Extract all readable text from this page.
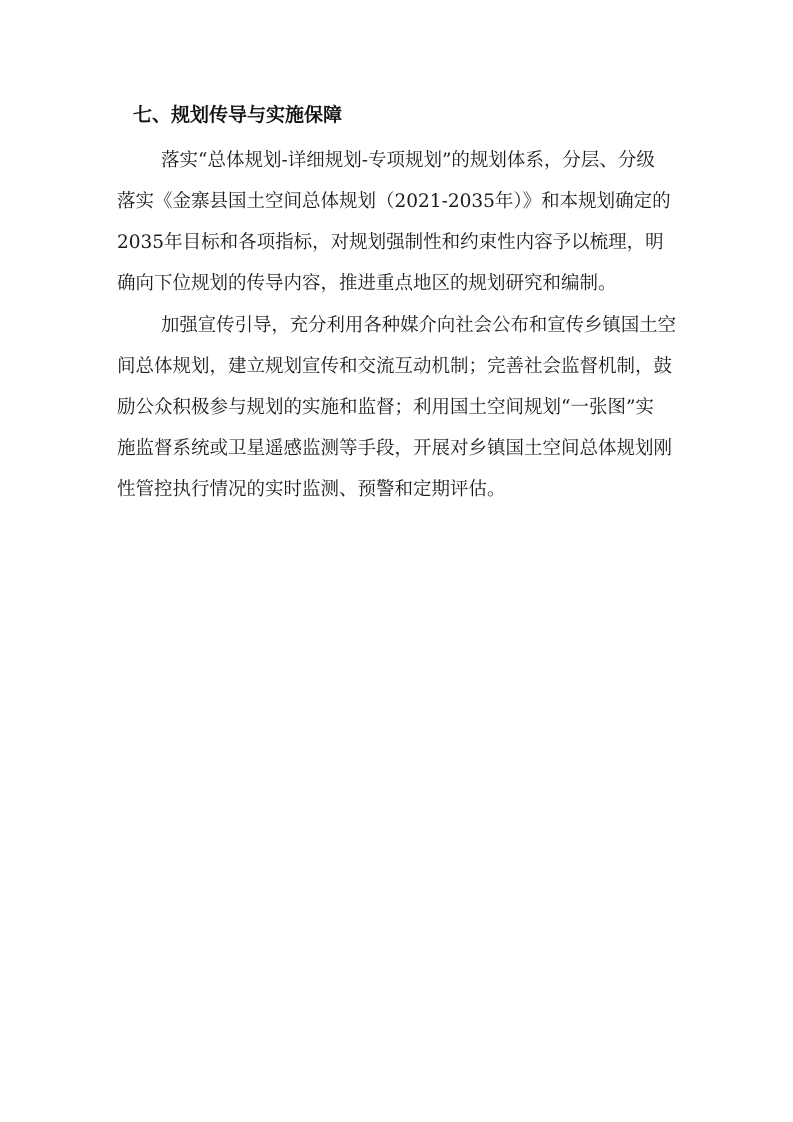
七、规划传导与实施保障
落实“总体规划-详细规划-专项规划”的规划体系，分层、分级
落实《金寨县国土空间总体规划（2021-2035年）》和本规划确定的
2035年目标和各项指标，对规划强制性和约束性内容予以梳理，明
确向下位规划的传导内容，推进重点地区的规划研究和编制。
加强宣传引导，充分利用各种媒介向社会公布和宣传乡镇国土空
间总体规划，建立规划宣传和交流互动机制；完善社会监督机制，鼓
励公众积极参与规划的实施和监督；利用国土空间规划“一张图”实
施监督系统或卫星遥感监测等手段，开展对乡镇国土空间总体规划刚
性管控执行情况的实时监测、预警和定期评估。
